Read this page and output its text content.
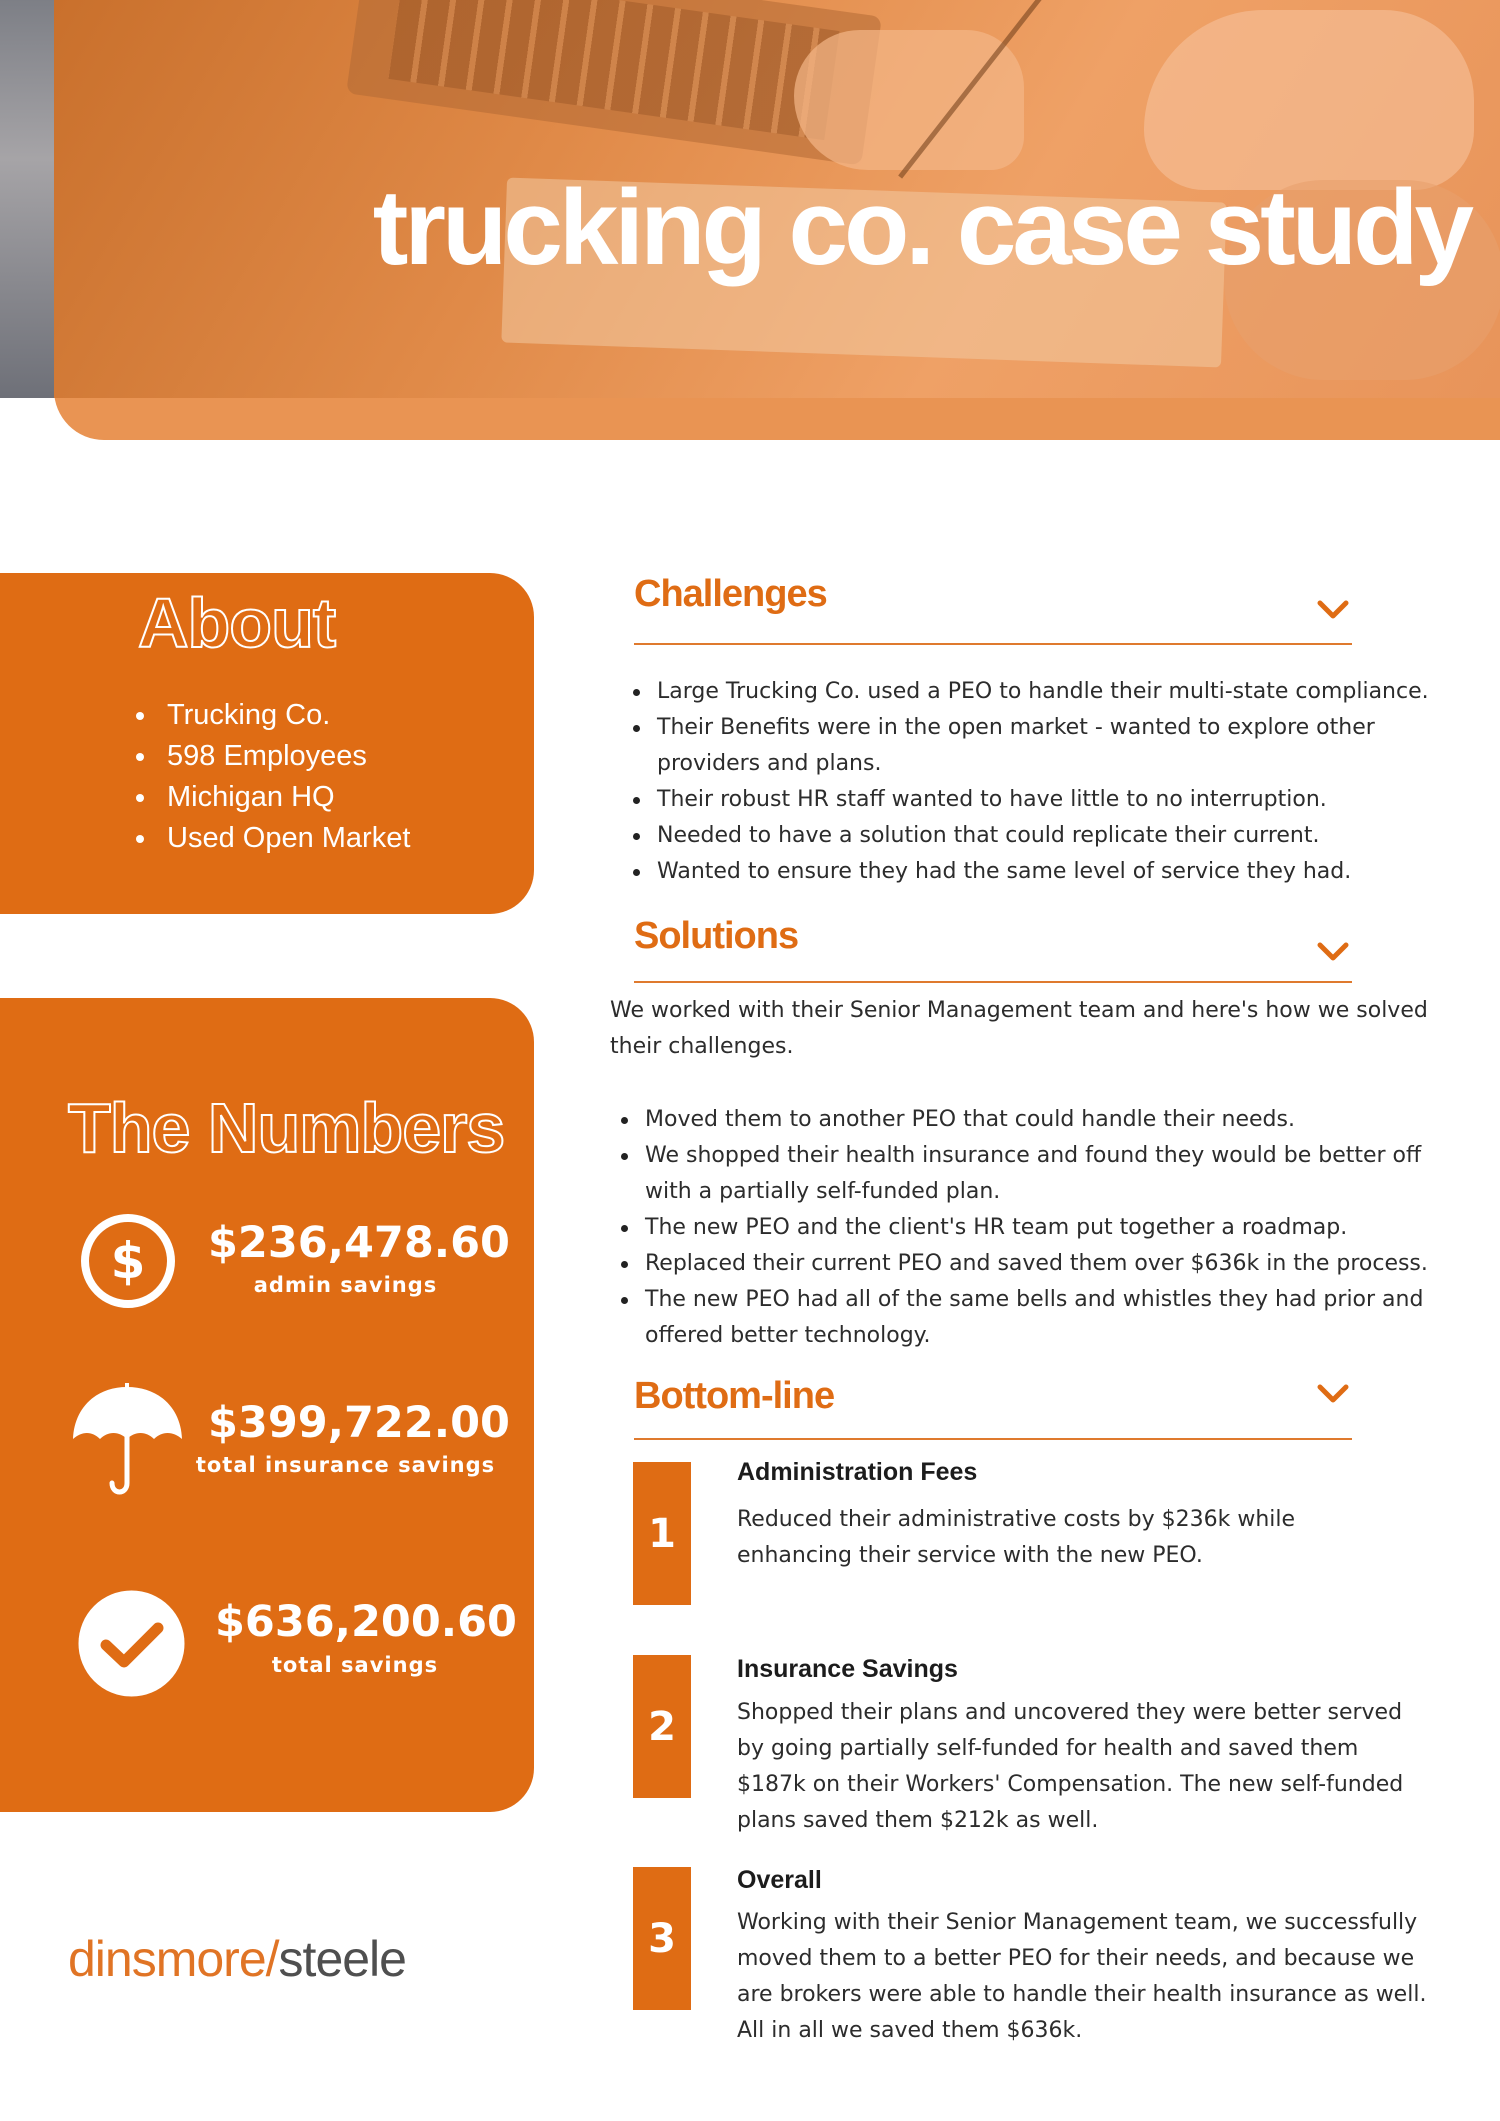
trucking co. case study
About
Trucking Co.
598 Employees
Michigan HQ
Used Open Market
The Numbers
$ $236,478.60
admin savings
$399,722.00
total insurance savings
$636,200.60
total savings
dinsmore/steele
Challenges
Large Trucking Co. used a PEO to handle their multi-state compliance.
Their Benefits were in the open market - wanted to explore other providers and plans.
Their robust HR staff wanted to have little to no interruption.
Needed to have a solution that could replicate their current.
Wanted to ensure they had the same level of service they had.
Solutions

We worked with their Senior Management team and here's how we solved their challenges.

Moved them to another PEO that could handle their needs.
We shopped their health insurance and found they would be better off with a partially self-funded plan.
The new PEO and the client's HR team put together a roadmap.
Replaced their current PEO and saved them over $636k in the process.
The new PEO had all of the same bells and whistles they had prior and offered better technology.
Bottom-line
1
Administration Fees

Reduced their administrative costs by $236k while enhancing their service with the new PEO.

2
Insurance Savings

Shopped their plans and uncovered they were better served by going partially self-funded for health and saved them $187k on their Workers' Compensation. The new self-funded plans saved them $212k as well.

3
Overall

Working with their Senior Management team, we successfully moved them to a better PEO for their needs, and because we are brokers were able to handle their health insurance as well. All in all we saved them $636k.
